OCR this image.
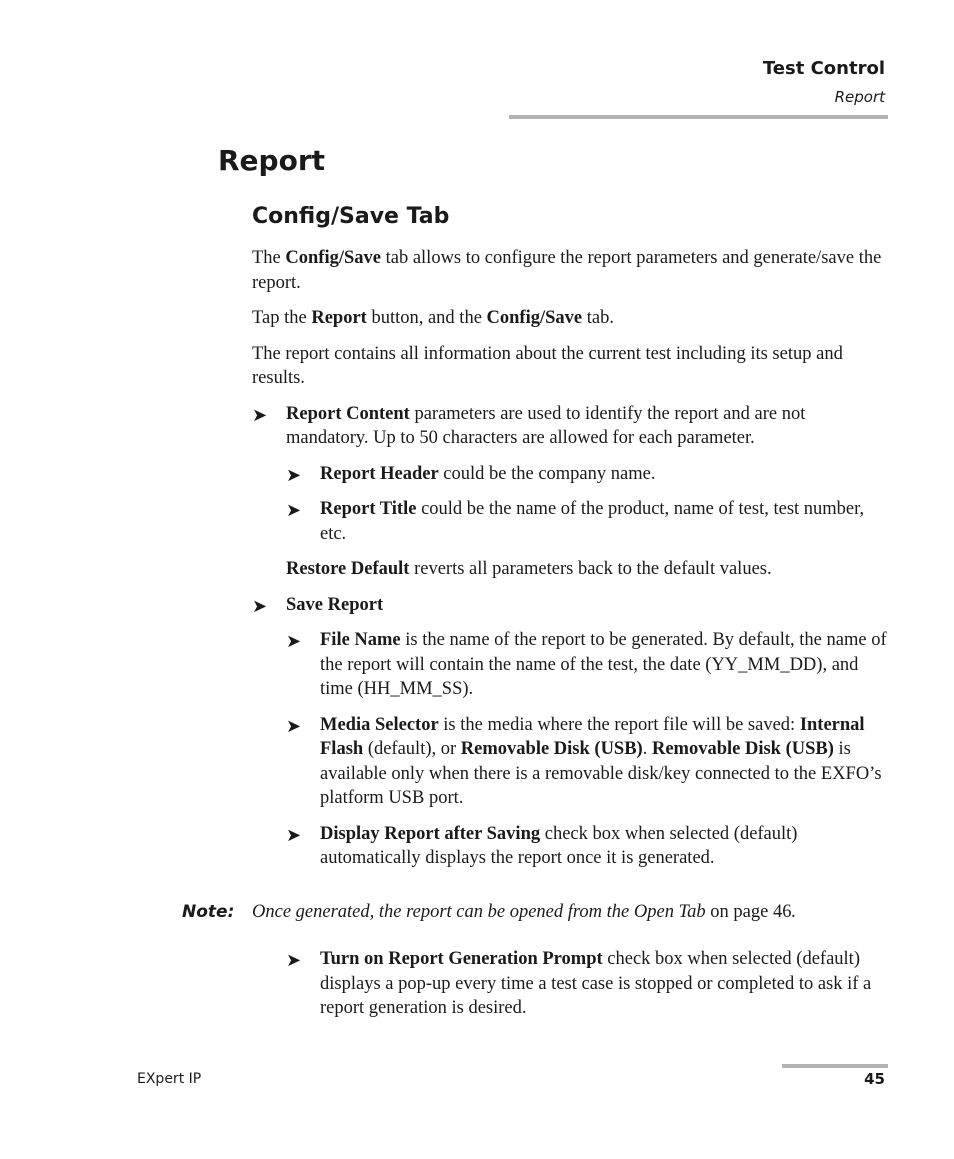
Test Control
Report
Report
Config/Save Tab

The Config/Save tab allows to configure the report parameters and generate/save the report.

Tap the Report button, and the Config/Save tab.

The report contains all information about the current test including its setup and results.

➤ Report Content parameters are used to identify the report and are not mandatory. Up to 50 characters are allowed for each parameter.
➤ Report Header could be the company name.
➤ Report Title could be the name of the product, name of test, test number, etc.

Restore Default reverts all parameters back to the default values.

➤ Save Report
➤ File Name is the name of the report to be generated. By default, the name of the report will contain the name of the test, the date (YY_MM_DD), and time (HH_MM_SS).
➤ Media Selector is the media where the report file will be saved: Internal Flash (default), or Removable Disk (USB). Removable Disk (USB) is available only when there is a removable disk/key connected to the EXFO’s platform USB port.
➤ Display Report after Saving check box when selected (default) automatically displays the report once it is generated.
Note: Once generated, the report can be opened from the Open Tab on page 46.
➤ Turn on Report Generation Prompt check box when selected (default) displays a pop-up every time a test case is stopped or completed to ask if a report generation is desired.
EXpert IP	45
